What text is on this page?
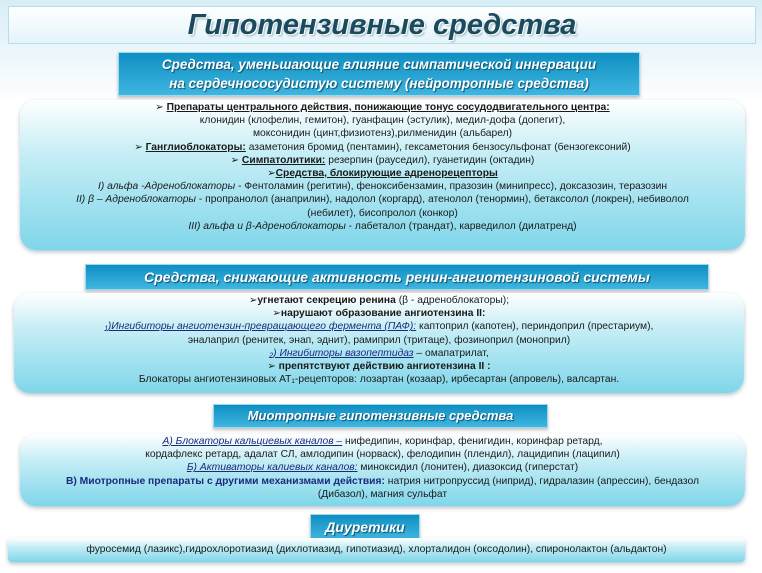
Гипотензивные средства
Средства, уменьшающие влияние симпатической иннервации
на сердечнососудистую систему (нейротропные средства)

➢ Препараты центрального действия, понижающие тонус сосудодвигательного центра:

клонидин (клофелин, гемитон), гуанфацин (эстулик), медил-дофа (допегит),

моксонидин (цинт,физиотенз),рилменидин (альбарел)

➢ Ганглиоблокаторы: азаметония бромид (пентамин), гексаметония бензосульфонат (бензогексоний)

➢ Симпатолитики: резерпин (раусeдил), гуанетидин (октадин)

➢Средства, блокирующие адренорецепторы

I) альфа -Адреноблокаторы - Фентоламин (регитин), феноксибензамин, празозин (минипресс), доксазозин, теразозин

II) β – Адреноблокаторы - пропранолол (анаприлин), надолол (коргард), атенолол (тенормин), бетаксолол (локрен), небиволол

(небилет), бисопролол (конкор)

III) альфа и β-Адреноблокаторы - лабеталол (трандат), карведилол (дилатренд)

Средства, снижающие активность ренин-ангиотензиновой системы

➢угнетают секрецию ренина (β - адреноблокаторы);

➢нарушают образование ангиотензина II:

₁)Ингибиторы ангиотензин-превращающего фермента (ПАФ): каптоприл (капотен), периндоприл (престариум),

эналаприл (ренитек, энап, эднит), рамиприл (тритаце), фозиноприл (моноприл)

₂) Ингибиторы вазопептидаз – омапатрилат,

➢ препятствуют действию ангиотензина II :

Блокаторы ангиотензиновых АТ₁-рецепторов: лозартан (козаар), ирбесартан (апровель), валсартан.

Миотропные гипотензивные средства

А) Блокаторы кальциевых каналов – нифедипин, коринфар, фенигидин, коринфар ретард,

кордафлекс ретард, адалат СЛ, амлодипин (норваск), фелодипин (плендил), лацидипин (лаципил)

Б) Активаторы калиевых каналов: миноксидил (лонитен), диазоксид (гиперстат)

В) Миотропные препараты с другими механизмами действия: натрия нитропруссид (ниприд), гидралазин (апрессин), бендазол

(Дибазол), магния сульфат

Диуретики

фуросемид (лазикс),гидрохлоротиазид (дихлотиазид, гипотиазид), хлорталидон (оксодолин), спиронолактон (альдактон)
